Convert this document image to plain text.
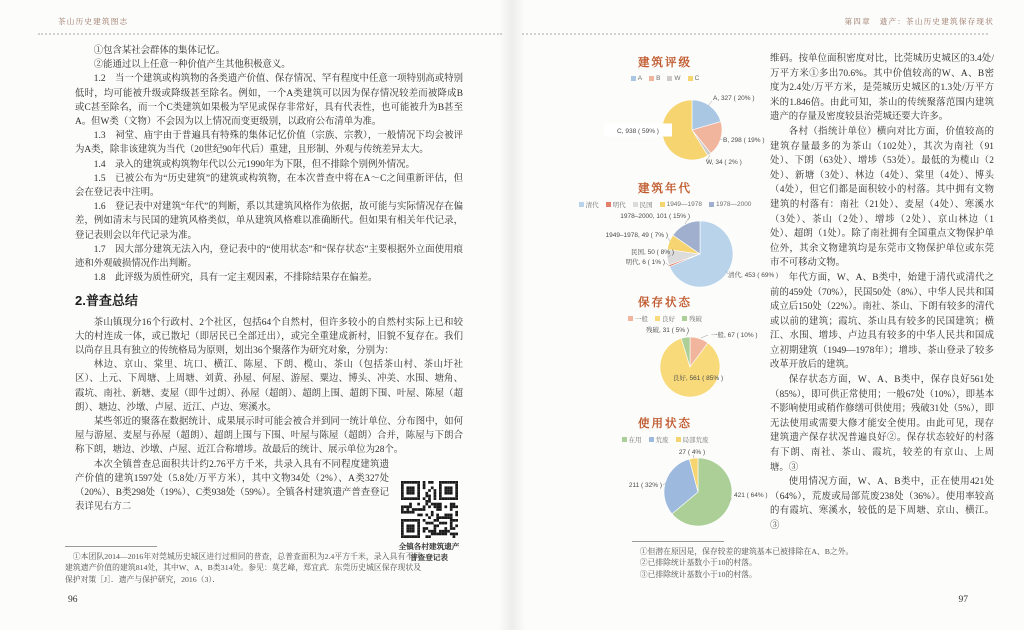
茶山历史建筑图志

①包含某社会群体的集体记忆。

②能通过以上任意一种价值产生其他积极意义。

1.2　当一个建筑或构筑物的各类遗产价值、保存情况、罕有程度中任意一项特别高或特别低时，均可能被升级或降级甚至除名。例如，一个A类建筑可以因为保存情况较差而被降成B或C甚至除名，而一个C类建筑如果极为罕见或保存非常好，具有代表性，也可能被升为B甚至A。但W类（文物）不会因为以上情况而变更级别，以政府公布清单为准。

1.3　祠堂、庙宇由于普遍具有特殊的集体记忆价值（宗族、宗教），一般情况下均会被评为A类，除非该建筑为当代（20世纪90年代后）重建，且形制、外观与传统差异太大。

1.4　录入的建筑或构筑物年代以公元1990年为下限，但不排除个别例外情况。

1.5　已被公布为“历史建筑”的建筑或构筑物，在本次普查中将在A～C之间重新评估，但会在登记表中注明。

1.6　登记表中对建筑“年代”的判断，系以其建筑风格作为依据，故可能与实际情况存在偏差，例如清末与民国的建筑风格类似，单从建筑风格难以准确断代。但如果有相关年代记录，登记表则会以年代记录为准。

1.7　因大部分建筑无法入内，登记表中的“使用状态”和“保存状态”主要根据外立面使用痕迹和外观破损情况作出判断。

1.8　此评级为质性研究，具有一定主观因素，不排除结果存在偏差。

2.普查总结

茶山镇现分16个行政村、2个社区，包括64个自然村，但许多较小的自然村实际上已和较大的村连成一体，或已散圮（即居民已全部迁出），或完全重建成新村，旧貌不复存在。我们以尚存且具有独立的传统格局为原则，划出36个聚落作为研究对象，分别为：

林边、京山、棠里、坑口、横江、陈屋、下朗、榄山、茶山（包括茶山村、茶山圩社区）、上元、下周塘、上周塘、刘黄、孙屋、何屋、游屋、粟边、博头、冲美、水围、塘角、霞坑、南社、新塘、麦屋（即牛过朗）、孙屋（超朗）、超朗上围、超朗下围、叶屋、陈屋（超朗）、塘边、沙墩、卢屋、近江、卢边、寒溪水。

某些邻近的聚落在数据统计、成果展示时可能会被合并到同一统计单位、分布图中，如何屋与游屋、麦屋与孙屋（超朗）、超朗上围与下围、叶屋与陈屋（超朗）合并，陈屋与下朗合称下朗，塘边、沙墩、卢屋、近江合称增埗。故最后的统计、展示单位为28个。

本次全镇普查总面积共计约2.76平方千米，共录入具有不同程度建筑遗产价值的建筑1597处（5.8处/万平方米），其中文物34处（2%）、A类327处（20%）、B类298处（19%）、C类938处（59%）。全镇各村建筑遗产普查登记表详见右方二

全镇各村建筑遗产
普查登记表

①本团队2014—2016年对莞城历史城区进行过相同的普查，总普查面积为2.4平方千米，录入具有不同建筑遗产价值的建筑814处，其中W、A、B类314处。参见：莫艺峰，郑宜武．东莞历史城区保存现状及保护对策［J］．遗产与保护研究，2016（3）．

96
第四章　遗产：茶山历史建筑保存现状
建筑评级
A B W C
A, 327 ( 20% )
B, 298 ( 19% )
W, 34 ( 2% )
C, 938 ( 59% )
建筑年代
清代 明代 民国 1949—1978 1978—2000
清代, 453 ( 69% )
明代, 6 ( 1% )
民国, 50 ( 8% )
1949–1978, 49 ( 7% )
1978–2000, 101 ( 15% )
保存状态
一般 良好 残破
一般, 67 ( 10% )
良好, 561 ( 85% )
残破, 31 ( 5% )
使用状态
在用 荒废 局部荒废
421 ( 64% )
211 ( 32% )
27 ( 4% )

维码。按单位面积密度对比，比莞城历史城区的3.4处/万平方米①多出70.6%。其中价值较高的W、A、B密度为2.4处/万平方米，是莞城历史城区的1.3处/万平方米的1.846倍。由此可知，茶山的传统聚落范围内建筑遗产的存量及密度较县治莞城还要大许多。

各村（指统计单位）横向对比方面，价值较高的建筑存量最多的为茶山（102处），其次为南社（91处）、下朗（63处）、增埗（53处）。最低的为榄山（2处）、新塘（3处）、林边（4处）、棠里（4处）、博头（4处），但它们都是面积较小的村落。其中拥有文物建筑的村落有：南社（21处）、麦屋（4处）、寒溪水（3处）、茶山（2处）、增埗（2处）、京山林边（1处）、超朗（1处）。除了南社拥有全国重点文物保护单位外，其余文物建筑均是东莞市文物保护单位或东莞市不可移动文物。

年代方面，W、A、B类中，始建于清代或清代之前的459处（70%），民国50处（8%）、中华人民共和国成立后150处（22%）。南社、茶山、下朗有较多的清代或以前的建筑；霞坑、茶山具有较多的民国建筑；横江、水围、增埗、卢边具有较多的中华人民共和国成立初期建筑（1949—1978年）；增埗、茶山登录了较多改革开放后的建筑。

保存状态方面，W、A、B类中，保存良好561处（85%），即可供正常使用；一般67处（10%），即基本不影响使用或稍作修缮可供使用；残破31处（5%），即无法使用或需要大修才能安全使用。由此可见，现存建筑遗产保存状况普遍良好②。保存状态较好的村落有下朗、南社、茶山、霞坑，较差的有京山、上周塘。③

使用情况方面，W、A、B类中，正在使用421处（64%），荒废或局部荒废238处（36%）。使用率较高的有霞坑、寒溪水，较低的是下周塘、京山、横江。③

①但潜在原因是，保存较差的建筑基本已被排除在A、B之外。

②已排除统计基数小于10的村落。

③已排除统计基数小于10的村落。

97
